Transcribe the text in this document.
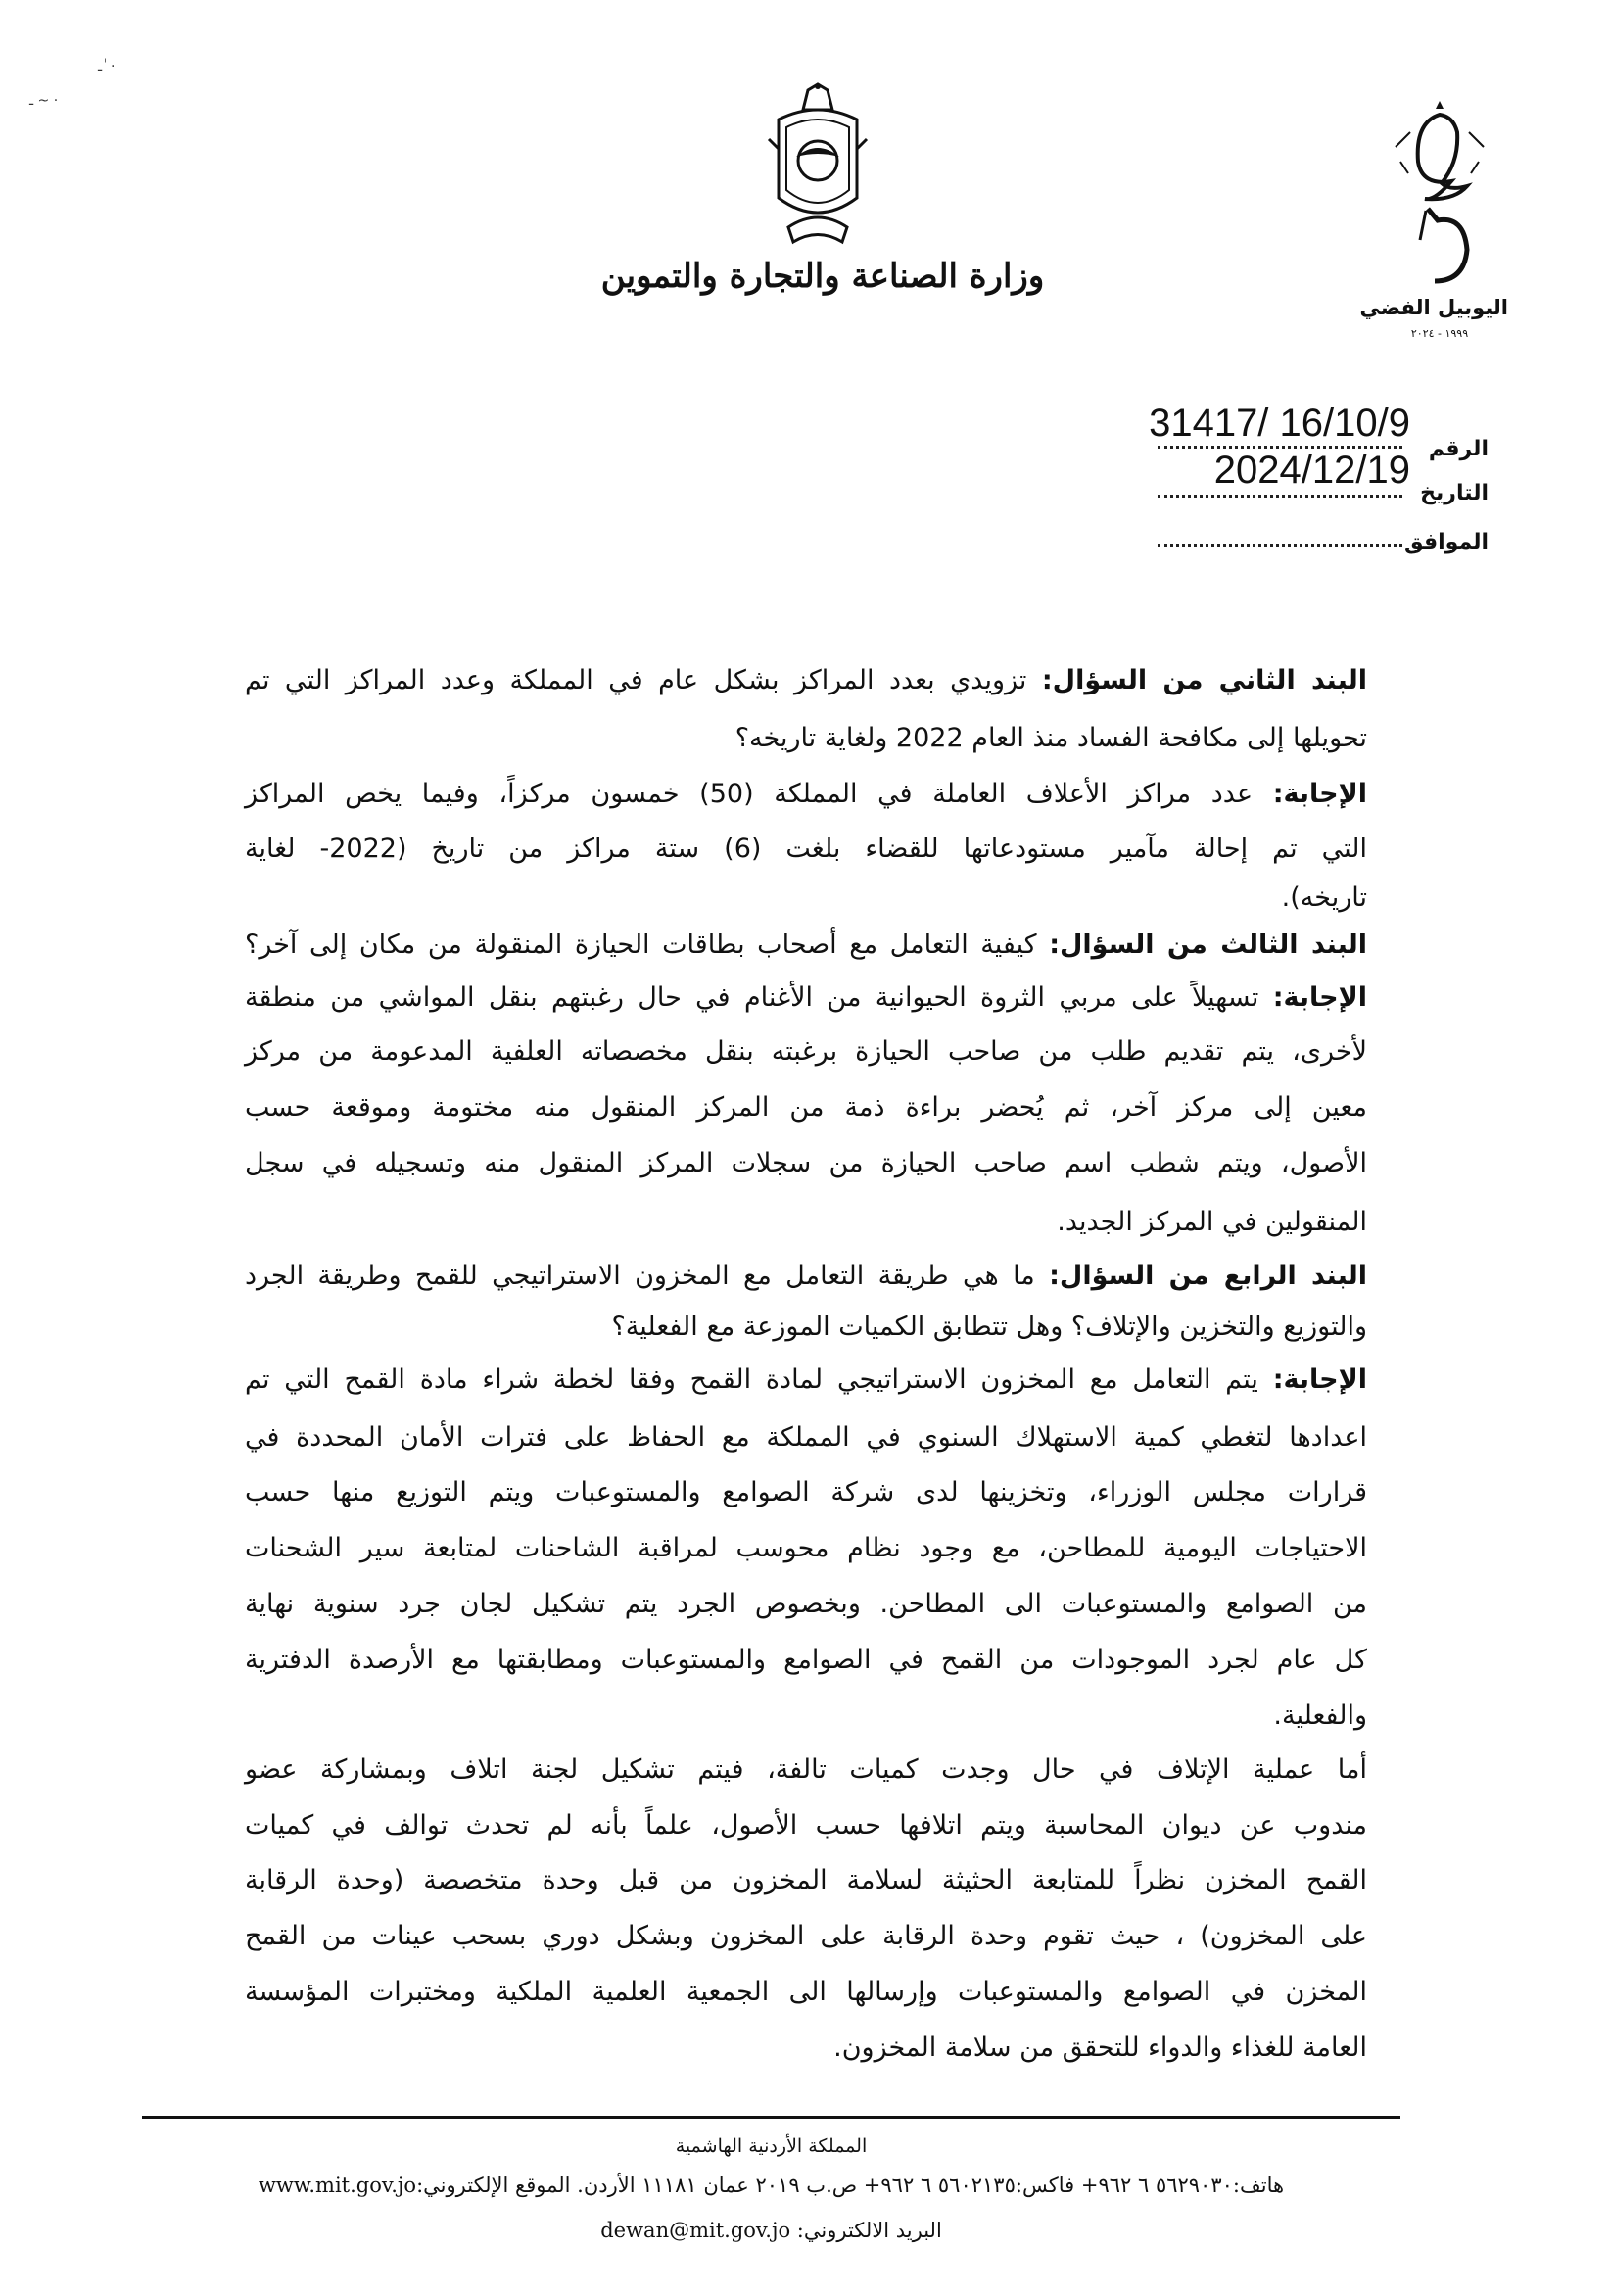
ـ ~ ·
ـ ٰ ·
وزارة الصناعة والتجارة والتموين
اليوبيل الفضي
١٩٩٩ - ٢٠٢٤
31417/ 16/10/9
الرقم
2024/12/19
التاريخ
الموافق
البند الثاني من السؤال: تزويدي بعدد المراكز بشكل عام في المملكة وعدد المراكز التي تم
تحويلها إلى مكافحة الفساد منذ العام 2022 ولغاية تاريخه؟
الإجابة: عدد مراكز الأعلاف العاملة في المملكة (50) خمسون مركزاً، وفيما يخص المراكز
التي تم إحالة مآمير مستودعاتها للقضاء بلغت (6) ستة مراكز من تاريخ (2022- لغاية
تاريخه).
البند الثالث من السؤال: كيفية التعامل مع أصحاب بطاقات الحيازة المنقولة من مكان إلى آخر؟
الإجابة: تسهيلاً على مربي الثروة الحيوانية من الأغنام في حال رغبتهم بنقل المواشي من منطقة
لأخرى، يتم تقديم طلب من صاحب الحيازة برغبته بنقل مخصصاته العلفية المدعومة من مركز
معين إلى مركز آخر، ثم يُحضر براءة ذمة من المركز المنقول منه مختومة وموقعة حسب
الأصول، ويتم شطب اسم صاحب الحيازة من سجلات المركز المنقول منه وتسجيله في سجل
المنقولين في المركز الجديد.
البند الرابع من السؤال: ما هي طريقة التعامل مع المخزون الاستراتيجي للقمح وطريقة الجرد
والتوزيع والتخزين والإتلاف؟ وهل تتطابق الكميات الموزعة مع الفعلية؟
الإجابة: يتم التعامل مع المخزون الاستراتيجي لمادة القمح وفقا لخطة شراء مادة القمح التي تم
اعدادها لتغطي كمية الاستهلاك السنوي في المملكة مع الحفاظ على فترات الأمان المحددة في
قرارات مجلس الوزراء، وتخزينها لدى شركة الصوامع والمستوعبات ويتم التوزيع منها حسب
الاحتياجات اليومية للمطاحن، مع وجود نظام محوسب لمراقبة الشاحنات لمتابعة سير الشحنات
من الصوامع والمستوعبات الى المطاحن. وبخصوص الجرد يتم تشكيل لجان جرد سنوية نهاية
كل عام لجرد الموجودات من القمح في الصوامع والمستوعبات ومطابقتها مع الأرصدة الدفترية
والفعلية.
أما عملية الإتلاف في حال وجدت كميات تالفة، فيتم تشكيل لجنة اتلاف وبمشاركة عضو
مندوب عن ديوان المحاسبة ويتم اتلافها حسب الأصول، علماً بأنه لم تحدث توالف في كميات
القمح المخزن نظراً للمتابعة الحثيثة لسلامة المخزون من قبل وحدة متخصصة (وحدة الرقابة
على المخزون) ، حيث تقوم وحدة الرقابة على المخزون وبشكل دوري بسحب عينات من القمح
المخزن في الصوامع والمستوعبات وإرسالها الى الجمعية العلمية الملكية ومختبرات المؤسسة
العامة للغذاء والدواء للتحقق من سلامة المخزون.
المملكة الأردنية الهاشمية
هاتف:٥٦٢٩٠٣٠ ٦ ٩٦٢+ فاكس:٥٦٠٢١٣٥ ٦ ٩٦٢+ ص.ب ٢٠١٩ عمان ١١١٨١ الأردن. الموقع الإلكتروني:www.mit.gov.jo
البريد الالكتروني: dewan@mit.gov.jo
